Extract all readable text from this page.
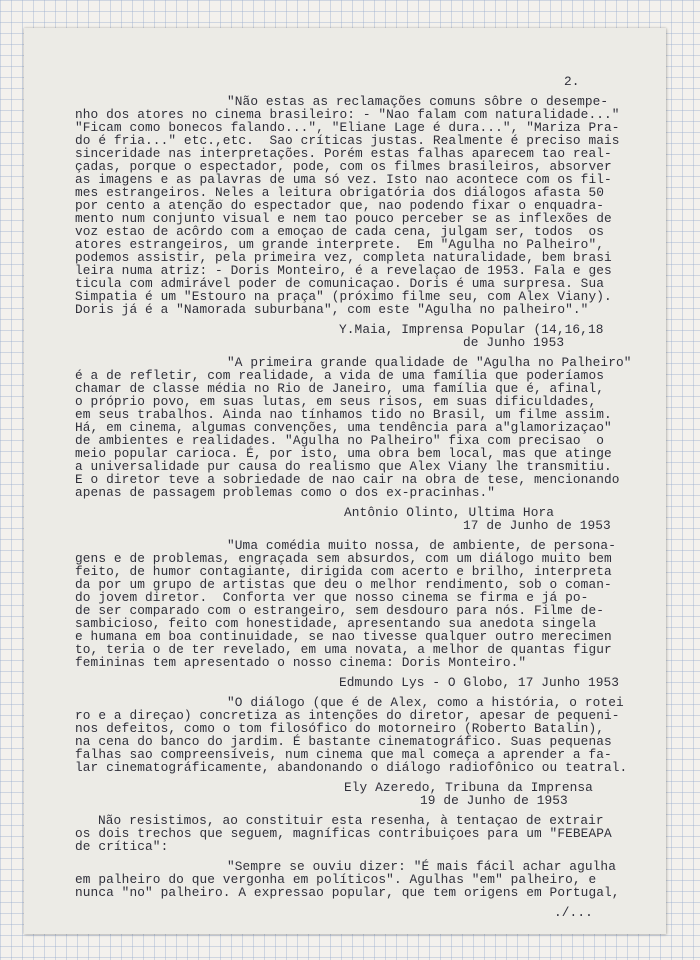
2.
"Não estas as reclamações comuns sôbre o desempe-
nho dos atores no cinema brasileiro: - "Nao falam com naturalidade..."
"Ficam como bonecos falando...", "Eliane Lage é dura...", "Mariza Pra-
do é fria..." etc.,etc.  Sao críticas justas. Realmente é preciso mais
sinceridade nas interpretações. Porém estas falhas aparecem tao real-
çadas, porque o espectador, pode, com os filmes brasileiros, absorver
as imagens e as palavras de uma só vez. Isto nao acontece com os fil-
mes estrangeiros. Neles a leitura obrigatória dos diálogos afasta 50
por cento a atenção do espectador que, nao podendo fixar o enquadra-
mento num conjunto visual e nem tao pouco perceber se as inflexões de
voz estao de acôrdo com a emoçao de cada cena, julgam ser, todos  os
atores estrangeiros, um grande interprete.  Em "Agulha no Palheiro",
podemos assistir, pela primeira vez, completa naturalidade, bem brasi
leira numa atriz: - Doris Monteiro, é a revelaçao de 1953. Fala e ges
ticula com admirável poder de comunicaçao. Doris é uma surpresa. Sua
Simpatia é um "Estouro na praça" (próximo filme seu, com Alex Viany).
Doris já é a "Namorada suburbana", com este "Agulha no palheiro"."
Y.Maia, Imprensa Popular (14,16,18
de Junho 1953
"A primeira grande qualidade de "Agulha no Palheiro"
é a de refletir, com realidade, a vida de uma família que poderíamos
chamar de classe média no Rio de Janeiro, uma família que é, afinal,
o próprio povo, em suas lutas, em seus risos, em suas dificuldades,
em seus trabalhos. Ainda nao tínhamos tido no Brasil, um filme assim.
Há, em cinema, algumas convenções, uma tendência para a"glamorizaçao"
de ambientes e realidades. "Agulha no Palheiro" fixa com precisao  o
meio popular carioca. É, por isto, uma obra bem local, mas que atinge
a universalidade pur causa do realismo que Alex Viany lhe transmitiu.
E o diretor teve a sobriedade de nao cair na obra de tese, mencionando
apenas de passagem problemas como o dos ex-pracinhas."
Antônio Olinto, Ultima Hora
17 de Junho de 1953
"Uma comédia muito nossa, de ambiente, de persona-
gens e de problemas, engraçada sem absurdos, com um diálogo muito bem
feito, de humor contagiante, dirigida com acerto e brilho, interpreta
da por um grupo de artistas que deu o melhor rendimento, sob o coman-
do jovem diretor.  Conforta ver que nosso cinema se firma e já po-
de ser comparado com o estrangeiro, sem desdouro para nós. Filme de-
sambicioso, feito com honestidade, apresentando sua anedota singela
e humana em boa continuidade, se nao tivesse qualquer outro merecimen
to, teria o de ter revelado, em uma novata, a melhor de quantas figur
femininas tem apresentado o nosso cinema: Doris Monteiro."
Edmundo Lys - O Globo, 17 Junho 1953
"O diálogo (que é de Alex, como a história, o rotei
ro e a direçao) concretiza as intenções do diretor, apesar de pequeni-
nos defeitos, como o tom filosófico do motorneiro (Roberto Batalin),
na cena do banco do jardim. É bastante cinematográfico. Suas pequenas
falhas sao compreensíveis, num cinema que mal começa a aprender a fa-
lar cinematográficamente, abandonando o diálogo radiofônico ou teatral.
Ely Azeredo, Tribuna da Imprensa
19 de Junho de 1953
Não resistimos, ao constituir esta resenha, à tentaçao de extrair
os dois trechos que seguem, magníficas contribuiçoes para um "FEBEAPA
de crítica":
"Sempre se ouviu dizer: "É mais fácil achar agulha
em palheiro do que vergonha em políticos". Agulhas "em" palheiro, e
nunca "no" palheiro. A expressao popular, que tem origens em Portugal,
./...
